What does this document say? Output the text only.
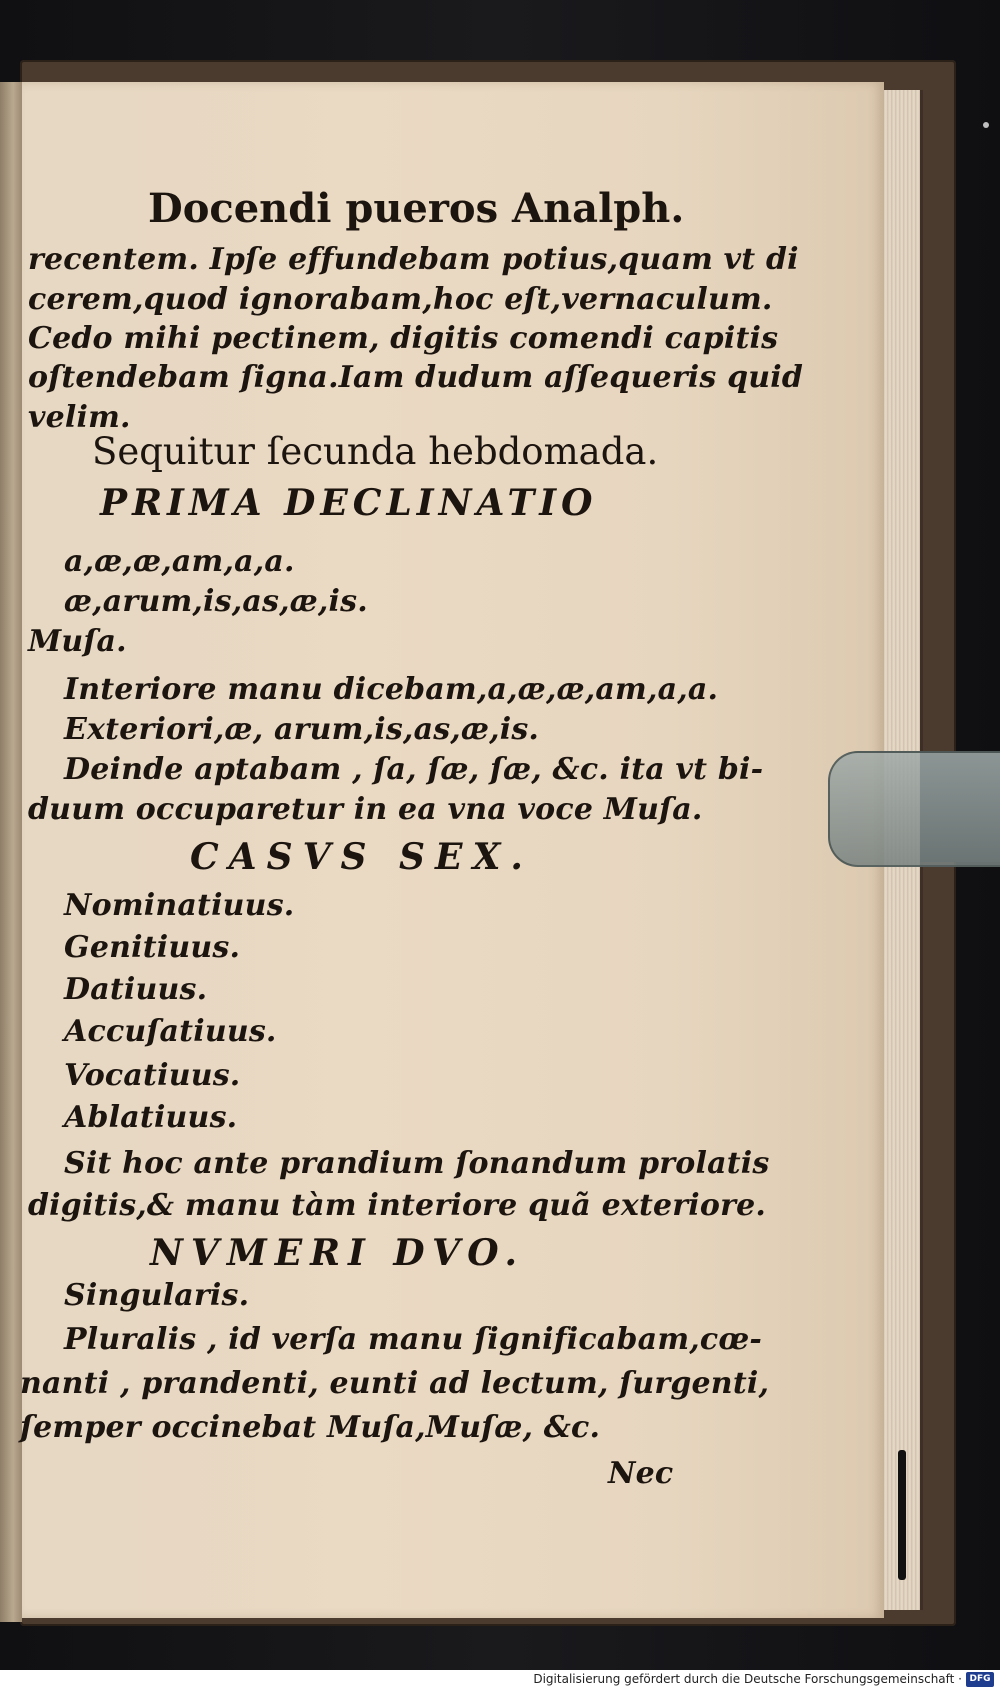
Docendi pueros Analph.

recentem. Ipſe effundebam potius,quam vt di

cerem,quod ignorabam,hoc eſt,vernaculum.

Cedo mihi pectinem, digitis comendi capitis

oſtendebam ſigna.Iam dudum aſſequeris quid

velim.

Sequitur ſecunda hebdomada.

PRIMA DECLINATIO

a,æ,æ,am,a,a.

æ,arum,is,as,æ,is.

Muſa.

Interiore manu dicebam,a,æ,æ,am,a,a.

Exteriori,æ, arum,is,as,æ,is.

Deinde aptabam , ſa, ſæ, ſæ, &c. ita vt bi-

duum occuparetur in ea vna voce Muſa.

CASVS SEX.

Nominatiuus.

Genitiuus.

Datiuus.

Accuſatiuus.

Vocatiuus.

Ablatiuus.

Sit hoc ante prandium ſonandum prolatis

digitis,& manu tàm interiore quã exteriore.

NVMERI DVO.

Singularis.

Pluralis , id verſa manu ſignificabam,cœ-

nanti , prandenti, eunti ad lectum, ſurgenti,

ſemper occinebat Muſa,Muſæ, &c.

Nec

Digitalisierung gefördert durch die Deutsche Forschungsgemeinschaft · DFG
